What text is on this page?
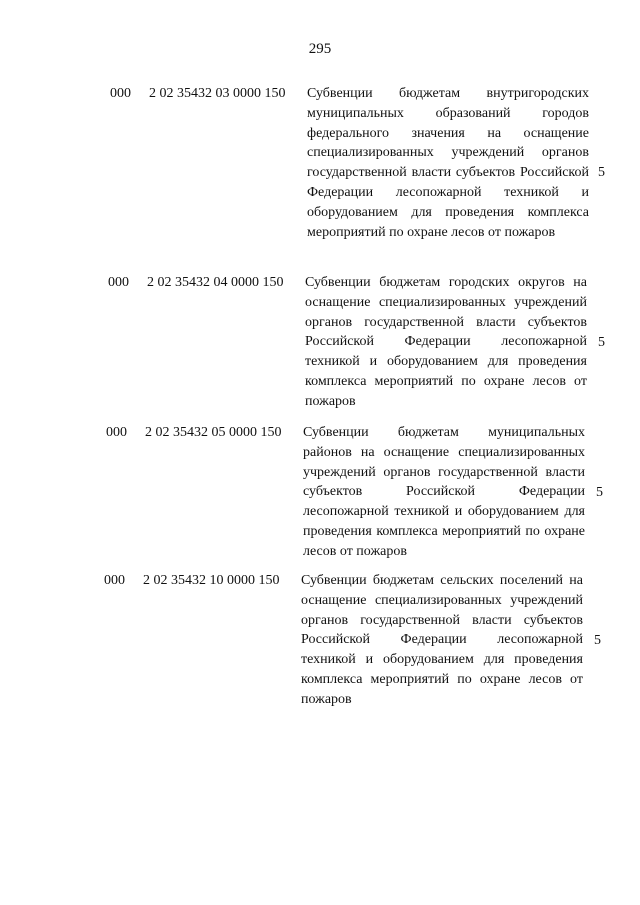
295
000 2 02 35432 03 0000 150 Субвенции бюджетам внутригородских муниципальных образований городов федерального значения на оснащение специализированных учреждений органов государственной власти субъектов Российской Федерации лесопожарной техникой и оборудованием для проведения комплекса мероприятий по охране лесов от пожаров
5
000 2 02 35432 04 0000 150 Субвенции бюджетам городских округов на оснащение специализированных учреждений органов государственной власти субъектов Российской Федерации лесопожарной техникой и оборудованием для проведения комплекса мероприятий по охране лесов от пожаров
5
000 2 02 35432 05 0000 150 Субвенции бюджетам муниципальных районов на оснащение специализированных учреждений органов государственной власти субъектов Российской Федерации лесопожарной техникой и оборудованием для проведения комплекса мероприятий по охране лесов от пожаров
5
000 2 02 35432 10 0000 150 Субвенции бюджетам сельских поселений на оснащение специализированных учреждений органов государственной власти субъектов Российской Федерации лесопожарной техникой и оборудованием для проведения комплекса мероприятий по охране лесов от пожаров
5
